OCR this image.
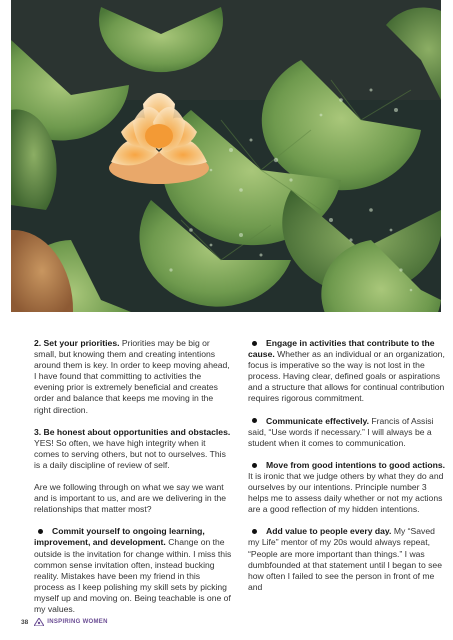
2. Set your priorities. Priorities may be big or small, but knowing them and creating intentions around them is key. In order to keep moving ahead, I have found that committing to activities the evening prior is extremely beneficial and creates order and balance that keeps me moving in the right direction.

3. Be honest about opportunities and obstacles. YES! So often, we have high integrity when it comes to serving others, but not to ourselves. This is a daily discipline of review of self.

Are we following through on what we say we want and is important to us, and are we delivering in the relationships that matter most?

Commit yourself to ongoing learning, improvement, and development. Change on the outside is the invitation for change within. I miss this common sense invitation often, instead bucking reality. Mistakes have been my friend in this process as I keep polishing my skill sets by picking myself up and moving on. Being teachable is one of my values.

Engage in activities that contribute to the cause. Whether as an individual or an organization, focus is imperative so the way is not lost in the process. Having clear, defined goals or aspirations and a structure that allows for continual contribution requires rigorous commitment.

Communicate effectively. Francis of Assisi said, “Use words if necessary.” I will always be a student when it comes to communication.

Move from good intentions to good actions. It is ironic that we judge others by what they do and ourselves by our intentions. Principle number 3 helps me to assess daily whether or not my actions are a good reflection of my hidden intentions.

Add value to people every day. My “Saved my Life” mentor of my 20s would always repeat, “People are more important than things.” I was dumbfounded at that statement until I began to see how often I failed to see the person in front of me and

38	INSPIRING WOMEN
